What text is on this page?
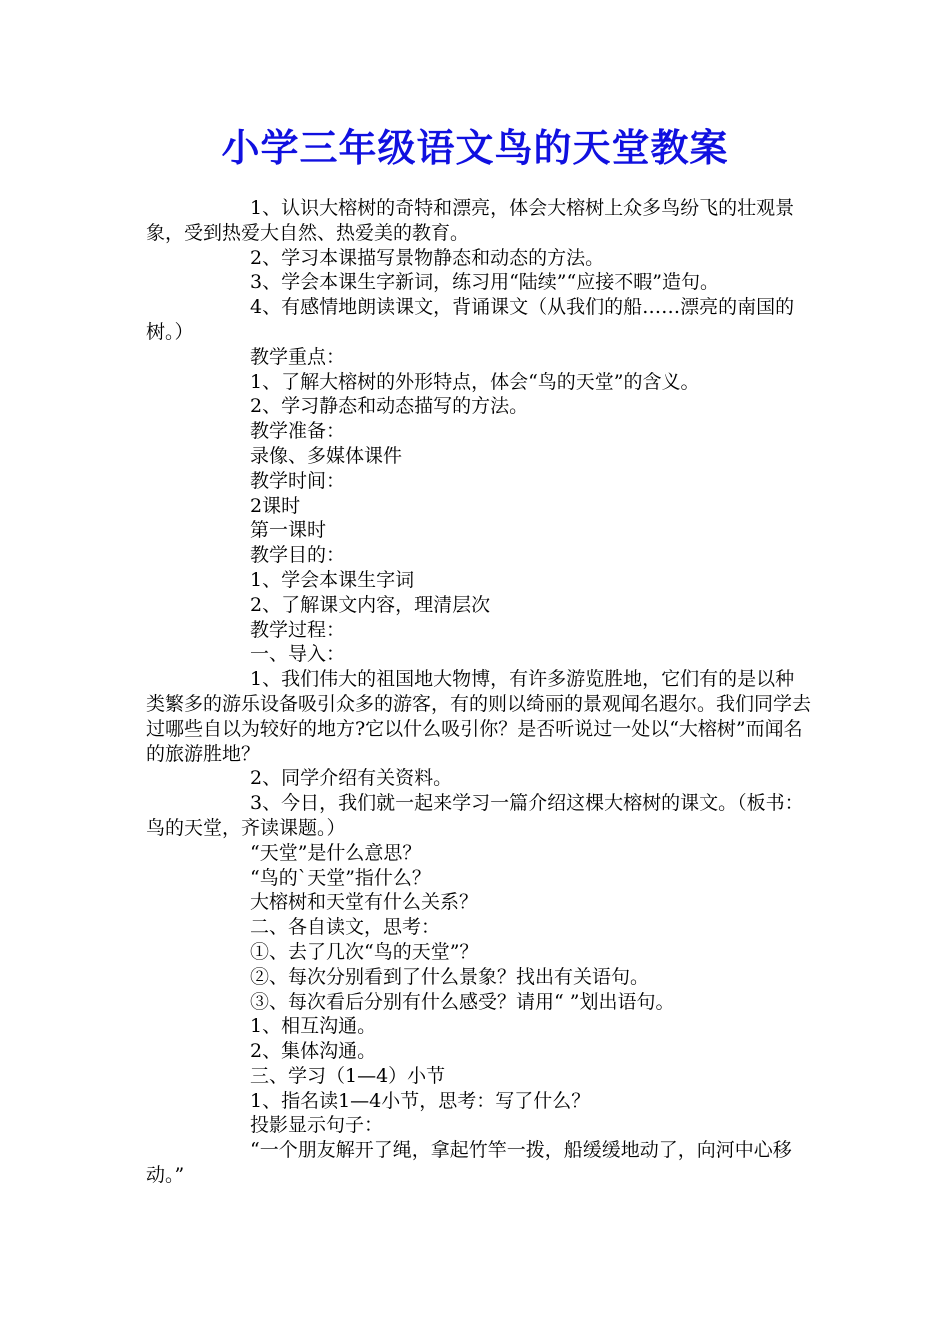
小学三年级语文鸟的天堂教案

1、认识大榕树的奇特和漂亮，体会大榕树上众多鸟纷飞的壮观景象，受到热爱大自然、热爱美的教育。

2、学习本课描写景物静态和动态的方法。

3、学会本课生字新词，练习用“陆续”“应接不暇”造句。

4、有感情地朗读课文，背诵课文（从我们的船……漂亮的南国的树。）

教学重点：

1、了解大榕树的外形特点，体会“鸟的天堂”的含义。

2、学习静态和动态描写的方法。

教学准备：

录像、多媒体课件

教学时间：

2课时

第一课时

教学目的：

1、学会本课生字词

2、了解课文内容，理清层次

教学过程：

一、导入：

1、我们伟大的祖国地大物博，有许多游览胜地，它们有的是以种类繁多的游乐设备吸引众多的游客，有的则以绮丽的景观闻名遐尔。我们同学去过哪些自以为较好的地方?它以什么吸引你？是否听说过一处以“大榕树”而闻名的旅游胜地？

2、同学介绍有关资料。

3、今日，我们就一起来学习一篇介绍这棵大榕树的课文。（板书：鸟的天堂，齐读课题。）

“天堂”是什么意思？

“鸟的`天堂”指什么？

大榕树和天堂有什么关系？

二、各自读文，思考：

①、去了几次“鸟的天堂”？

②、每次分别看到了什么景象？找出有关语句。

③、每次看后分别有什么感受？请用“ ”划出语句。

1、相互沟通。

2、集体沟通。

三、学习（1—4）小节

1、指名读1—4小节，思考：写了什么？

投影显示句子：

“一个朋友解开了绳，拿起竹竿一拨，船缓缓地动了，向河中心移动。”
